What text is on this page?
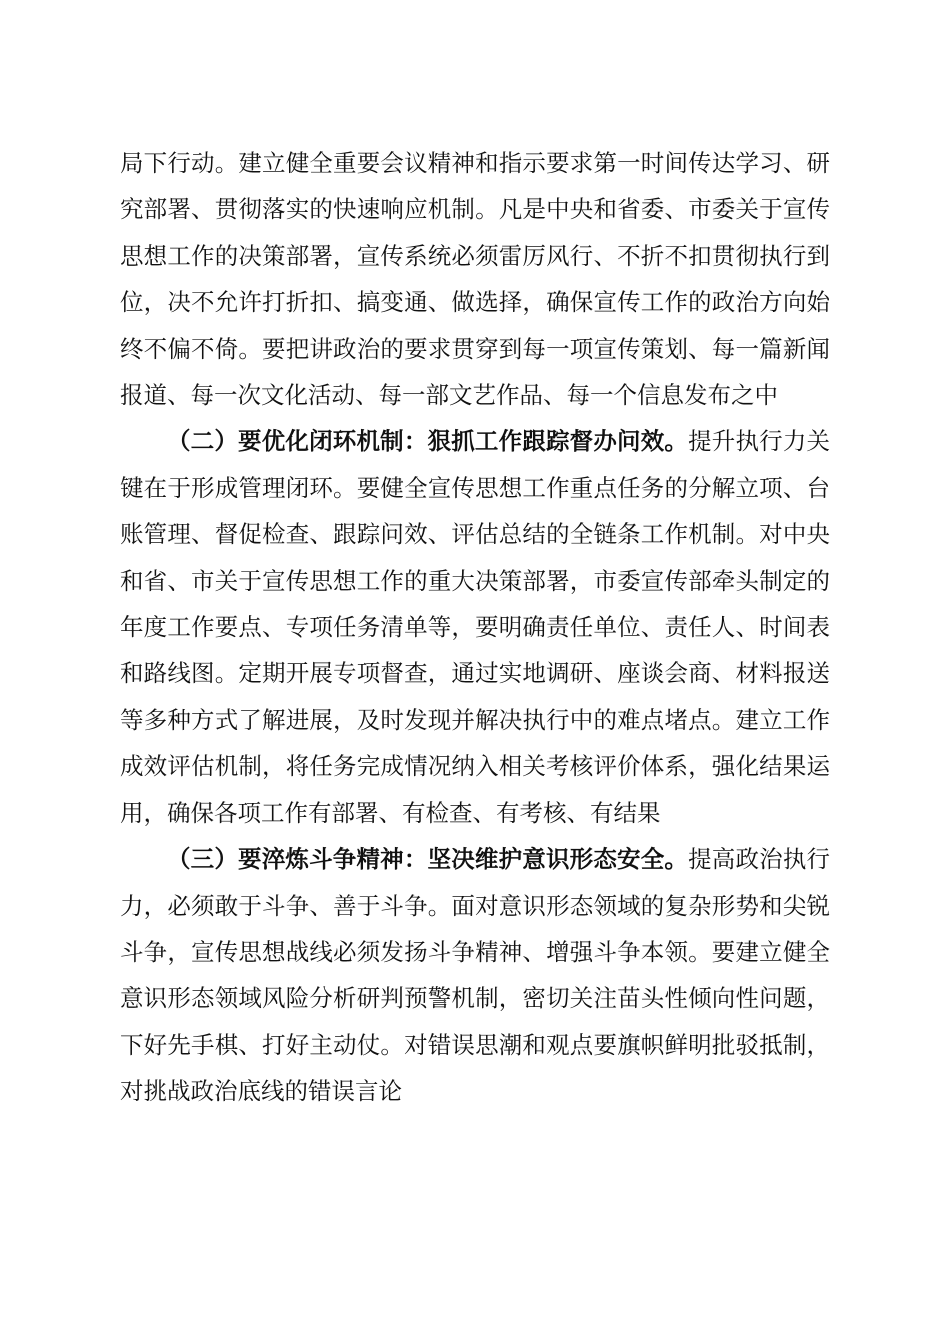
局下行动。建立健全重要会议精神和指示要求第一时间传达学习、研究部署、贯彻落实的快速响应机制。凡是中央和省委、市委关于宣传思想工作的决策部署，宣传系统必须雷厉风行、不折不扣贯彻执行到位，决不允许打折扣、搞变通、做选择，确保宣传工作的政治方向始终不偏不倚。要把讲政治的要求贯穿到每一项宣传策划、每一篇新闻报道、每一次文化活动、每一部文艺作品、每一个信息发布之中

（二）要优化闭环机制：狠抓工作跟踪督办问效。提升执行力关键在于形成管理闭环。要健全宣传思想工作重点任务的分解立项、台账管理、督促检查、跟踪问效、评估总结的全链条工作机制。对中央和省、市关于宣传思想工作的重大决策部署，市委宣传部牵头制定的年度工作要点、专项任务清单等，要明确责任单位、责任人、时间表和路线图。定期开展专项督查，通过实地调研、座谈会商、材料报送等多种方式了解进展，及时发现并解决执行中的难点堵点。建立工作成效评估机制，将任务完成情况纳入相关考核评价体系，强化结果运用，确保各项工作有部署、有检查、有考核、有结果

（三）要淬炼斗争精神：坚决维护意识形态安全。提高政治执行力，必须敢于斗争、善于斗争。面对意识形态领域的复杂形势和尖锐斗争，宣传思想战线必须发扬斗争精神、增强斗争本领。要建立健全意识形态领域风险分析研判预警机制，密切关注苗头性倾向性问题，下好先手棋、打好主动仗。对错误思潮和观点要旗帜鲜明批驳抵制，对挑战政治底线的错误言论
